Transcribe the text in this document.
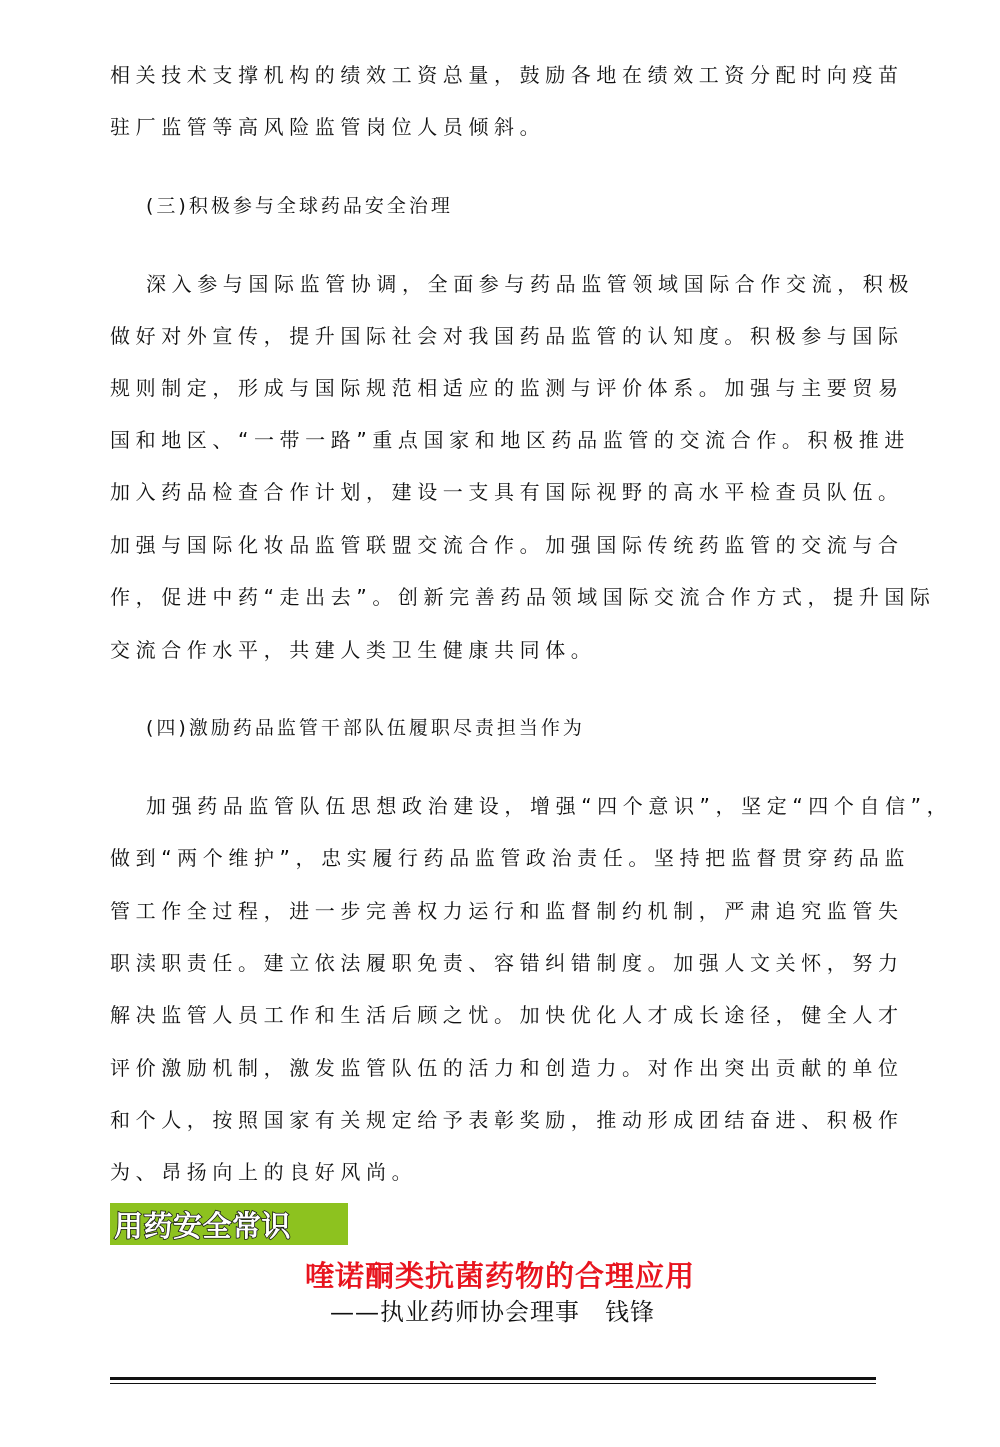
相关技术支撑机构的绩效工资总量，鼓励各地在绩效工资分配时向疫苗
驻厂监管等高风险监管岗位人员倾斜。
(三)积极参与全球药品安全治理
深入参与国际监管协调，全面参与药品监管领域国际合作交流，积极
做好对外宣传，提升国际社会对我国药品监管的认知度。积极参与国际
规则制定，形成与国际规范相适应的监测与评价体系。加强与主要贸易
国和地区、“一带一路”重点国家和地区药品监管的交流合作。积极推进
加入药品检查合作计划，建设一支具有国际视野的高水平检查员队伍。
加强与国际化妆品监管联盟交流合作。加强国际传统药监管的交流与合
作，促进中药“走出去”。创新完善药品领域国际交流合作方式，提升国际
交流合作水平，共建人类卫生健康共同体。
(四)激励药品监管干部队伍履职尽责担当作为
加强药品监管队伍思想政治建设，增强“四个意识”，坚定“四个自信”，
做到“两个维护”，忠实履行药品监管政治责任。坚持把监督贯穿药品监
管工作全过程，进一步完善权力运行和监督制约机制，严肃追究监管失
职渎职责任。建立依法履职免责、容错纠错制度。加强人文关怀，努力
解决监管人员工作和生活后顾之忧。加快优化人才成长途径，健全人才
评价激励机制，激发监管队伍的活力和创造力。对作出突出贡献的单位
和个人，按照国家有关规定给予表彰奖励，推动形成团结奋进、积极作
为、昂扬向上的良好风尚。
用药安全常识
喹诺酮类抗菌药物的合理应用
——执业药师协会理事　钱锋
